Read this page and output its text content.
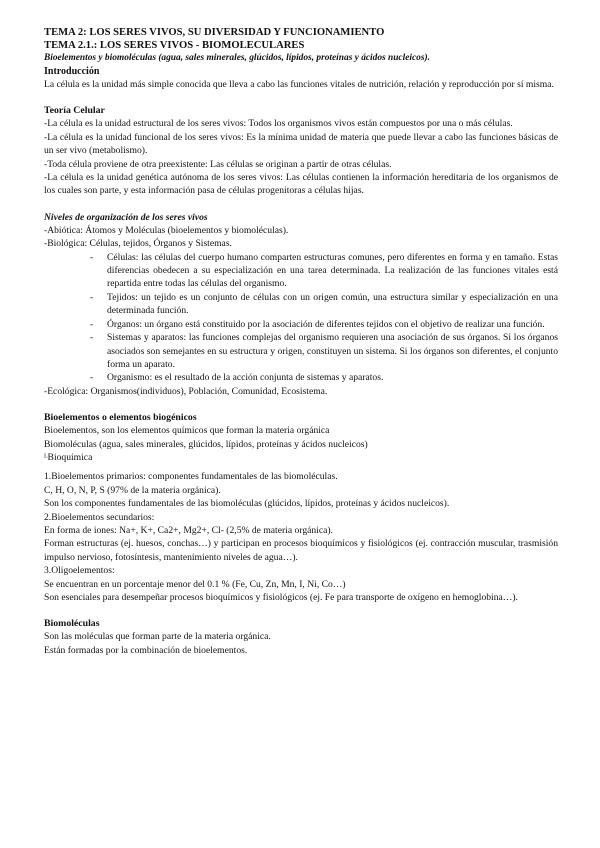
TEMA 2: LOS SERES VIVOS, SU DIVERSIDAD Y FUNCIONAMIENTO
TEMA 2.1.: LOS SERES VIVOS - BIOMOLECULARES
Bioelementos y biomoléculas (agua, sales minerales, glúcidos, lípidos, proteínas y ácidos nucleicos).
Introducción

La célula es la unidad más simple conocida que lleva a cabo las funciones vitales de nutrición, relación y reproducción por sí misma.

Teoría Celular

-La célula es la unidad estructural de los seres vivos: Todos los organismos vivos están compuestos por una o más células.

-La célula es la unidad funcional de los seres vivos: Es la mínima unidad de materia que puede llevar a cabo las funciones básicas de un ser vivo (metabolismo).

-Toda célula proviene de otra preexistente: Las células se originan a partir de otras células.

-La célula es la unidad genética autónoma de los seres vivos: Las células contienen la información hereditaria de los organismos de los cuales son parte, y esta información pasa de células progenitoras a células hijas.

Niveles de organización de los seres vivos

-Abiótica: Átomos y Moléculas (bioelementos y biomoléculas).

-Biológica: Células, tejidos, Órganos y Sistemas.

- Células: las células del cuerpo humano comparten estructuras comunes, pero diferentes en forma y en tamaño. Estas diferencias obedecen a su especialización en una tarea determinada. La realización de las funciones vitales está repartida entre todas las células del organismo.
- Tejidos: un tejido es un conjunto de células con un origen común, una estructura similar y especialización en una determinada función.
- Órganos: un órgano está constituido por la asociación de diferentes tejidos con el objetivo de realizar una función.
- Sistemas y aparatos: las funciones complejas del organismo requieren una asociación de sus órganos. Si los órganos asociados son semejantes en su estructura y origen, constituyen un sistema. Si los órganos son diferentes, el conjunto forma un aparato.
- Organismo: es el resultado de la acción conjunta de sistemas y aparatos.

-Ecológica: Organismos(individuos), Población, Comunidad, Ecosistema.

Bioelementos o elementos biogénicos

Bioelementos, son los elementos químicos que forman la materia orgánica

Biomoléculas (agua, sales minerales, glúcidos, lípidos, proteínas y ácidos nucleicos)

ᴸBioquímica

1.Bioelementos primarios: componentes fundamentales de las biomoléculas.

C, H, O, N, P, S (97% de la materia orgánica).

Son los componentes fundamentales de las biomoléculas (glúcidos, lípidos, proteínas y ácidos nucleicos).

2.Bioelementos secundarios:

En forma de iones: Na+, K+, Ca2+, Mg2+, Cl- (2,5% de materia orgánica).

Forman estructuras (ej. huesos, conchas…) y participan en procesos bioquímicos y fisiológicos (ej. contracción muscular, trasmisión impulso nervioso, fotosíntesis, mantenimiento niveles de agua…).

3.Oligoelementos:

Se encuentran en un porcentaje menor del 0.1 % (Fe, Cu, Zn, Mn, I, Ni, Co…)

Son esenciales para desempeñar procesos bioquímicos y fisiológicos (ej. Fe para transporte de oxígeno en hemoglobina…).

Biomoléculas

Son las moléculas que forman parte de la materia orgánica.

Están formadas por la combinación de bioelementos.
